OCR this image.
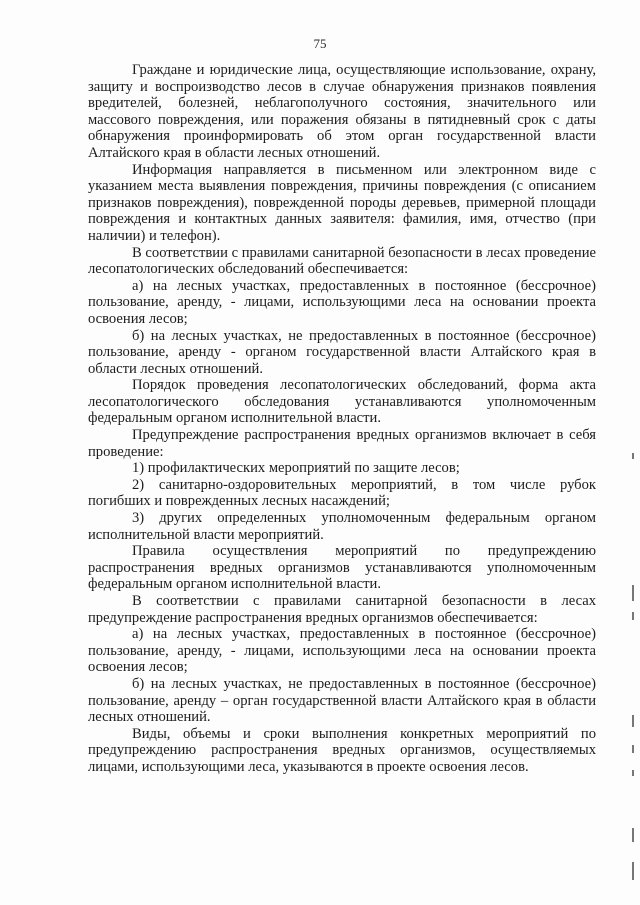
75

Граждане и юридические лица, осуществляющие использование, охрану, защиту и воспроизводство лесов в случае обнаружения признаков появления вредителей, болезней, неблагополучного состояния, значительного или массового повреждения, или поражения обязаны в пятидневный срок с даты обнаружения проинформировать об этом орган государственной власти Алтайского края в области лесных отношений.

Информация направляется в письменном или электронном виде с указанием места выявления повреждения, причины повреждения (с описанием признаков повреждения), поврежденной породы деревьев, примерной площади повреждения и контактных данных заявителя: фамилия, имя, отчество (при наличии) и телефон).

В соответствии с правилами санитарной безопасности в лесах проведение лесопатологических обследований обеспечивается:

а) на лесных участках, предоставленных в постоянное (бессрочное) пользование, аренду, - лицами, использующими леса на основании проекта освоения лесов;

б) на лесных участках, не предоставленных в постоянное (бессрочное) пользование, аренду - органом государственной власти Алтайского края в области лесных отношений.

Порядок проведения лесопатологических обследований, форма акта лесопатологического обследования устанавливаются уполномоченным федеральным органом исполнительной власти.

Предупреждение распространения вредных организмов включает в себя проведение:

1) профилактических мероприятий по защите лесов;

2) санитарно-оздоровительных мероприятий, в том числе рубок погибших и поврежденных лесных насаждений;

3) других определенных уполномоченным федеральным органом исполнительной власти мероприятий.

Правила осуществления мероприятий по предупреждению распространения вредных организмов устанавливаются уполномоченным федеральным органом исполнительной власти.

В соответствии с правилами санитарной безопасности в лесах предупреждение распространения вредных организмов обеспечивается:

а) на лесных участках, предоставленных в постоянное (бессрочное) пользование, аренду, - лицами, использующими леса на основании проекта освоения лесов;

б) на лесных участках, не предоставленных в постоянное (бессрочное) пользование, аренду – орган государственной власти Алтайского края в области лесных отношений.

Виды, объемы и сроки выполнения конкретных мероприятий по предупреждению распространения вредных организмов, осуществляемых лицами, использующими леса, указываются в проекте освоения лесов.
